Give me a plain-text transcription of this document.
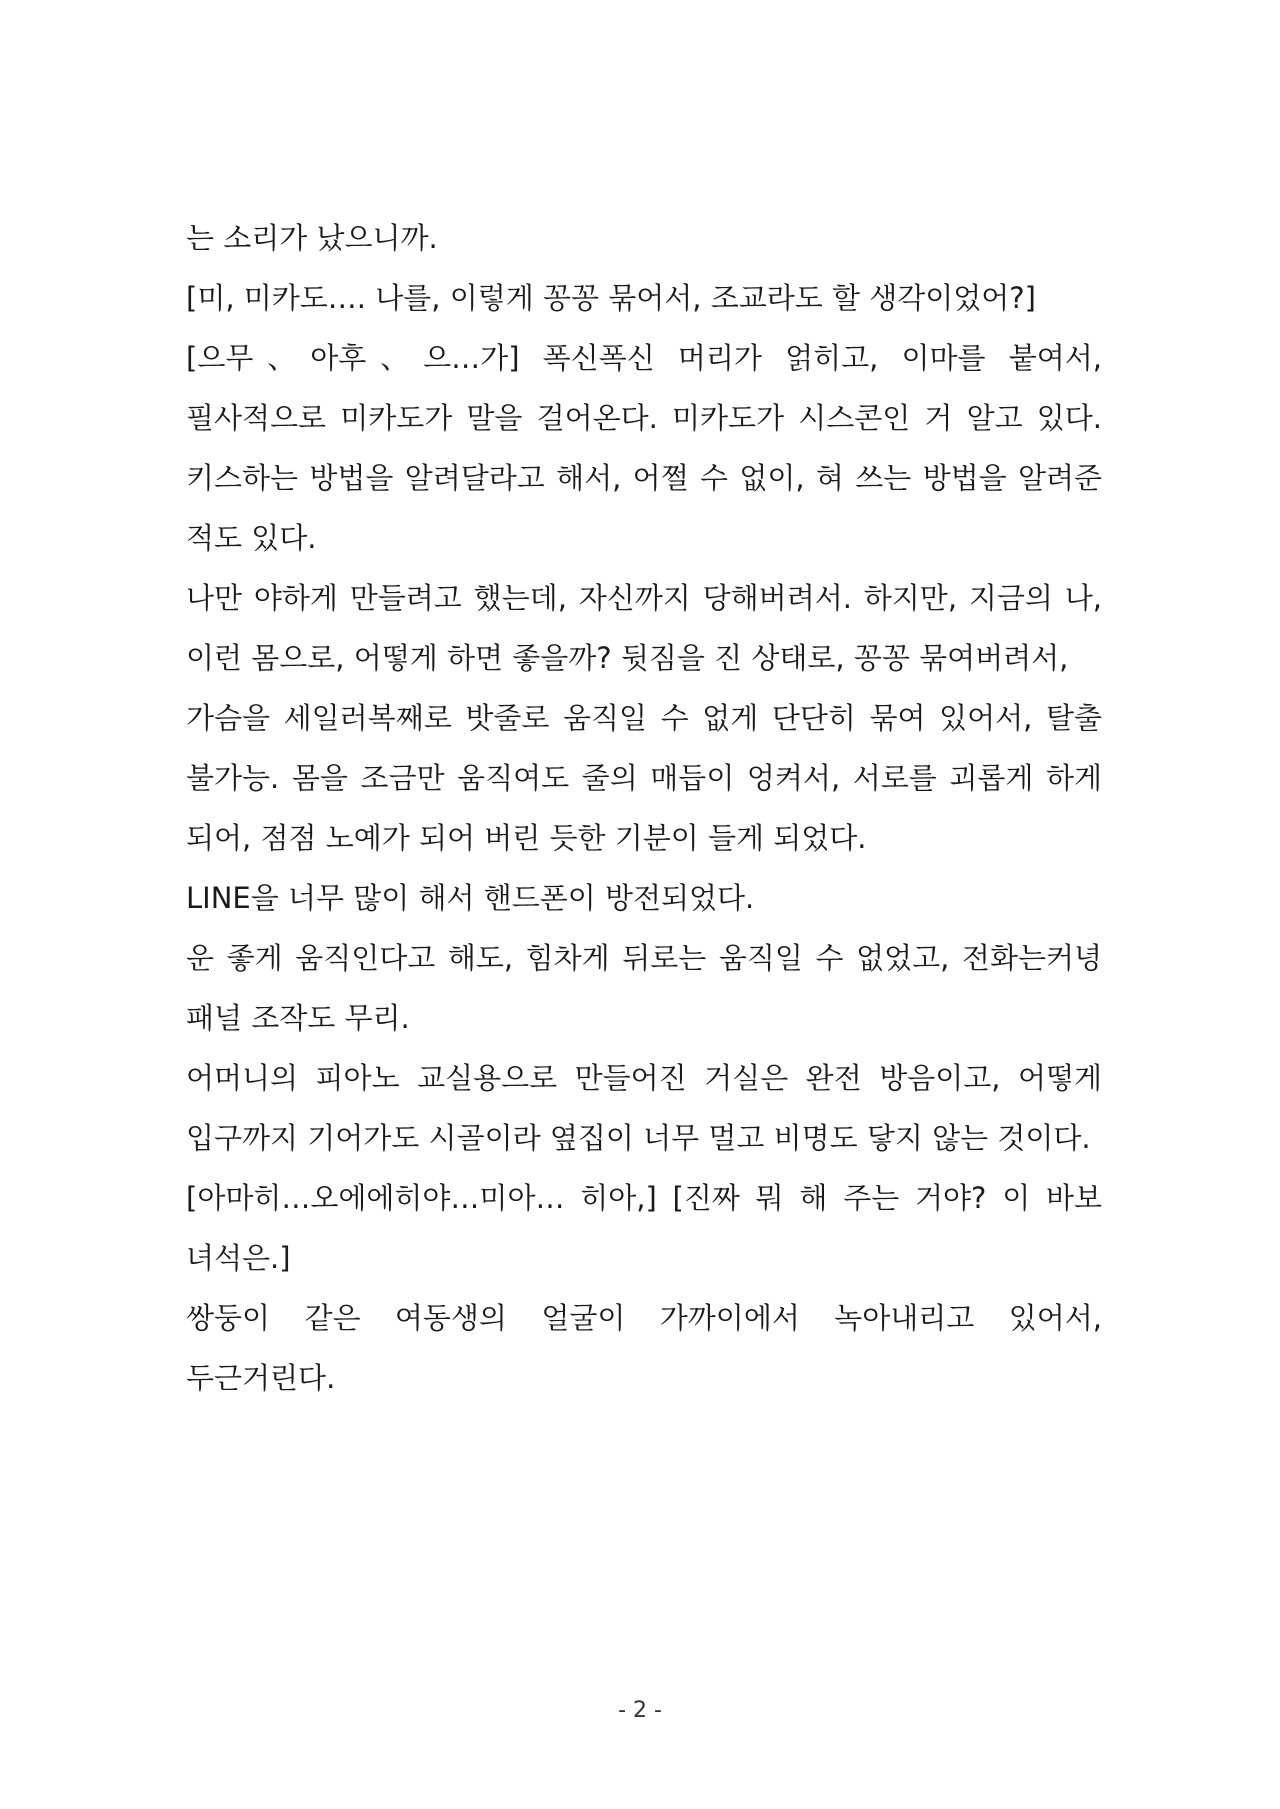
는 소리가 났으니까.

[미, 미카도…. 나를, 이렇게 꽁꽁 묶어서, 조교라도 할 생각이었어?]

[으무、아후、으…가] 폭신폭신 머리가 얽히고, 이마를 붙여서, 필사적으로 미카도가 말을 걸어온다. 미카도가 시스콘인 거 알고 있다. 키스하는 방법을 알려달라고 해서, 어쩔 수 없이, 혀 쓰는 방법을 알려준 적도 있다.

나만 야하게 만들려고 했는데, 자신까지 당해버려서. 하지만, 지금의 나, 이런 몸으로, 어떻게 하면 좋을까? 뒷짐을 진 상태로, 꽁꽁 묶여버려서,

가슴을 세일러복째로 밧줄로 움직일 수 없게 단단히 묶여 있어서, 탈출 불가능. 몸을 조금만 움직여도 줄의 매듭이 엉켜서, 서로를 괴롭게 하게 되어, 점점 노예가 되어 버린 듯한 기분이 들게 되었다.

LINE을 너무 많이 해서 핸드폰이 방전되었다.

운 좋게 움직인다고 해도, 힘차게 뒤로는 움직일 수 없었고, 전화는커녕 패널 조작도 무리.

어머니의 피아노 교실용으로 만들어진 거실은 완전 방음이고, 어떻게 입구까지 기어가도 시골이라 옆집이 너무 멀고 비명도 닿지 않는 것이다.

[아마히…오에에히야…미아… 히아,] [진짜 뭐 해 주는 거야? 이 바보 녀석은.]

쌍둥이 같은 여동생의 얼굴이 가까이에서 녹아내리고 있어서, 두근거린다.

- 2 -
